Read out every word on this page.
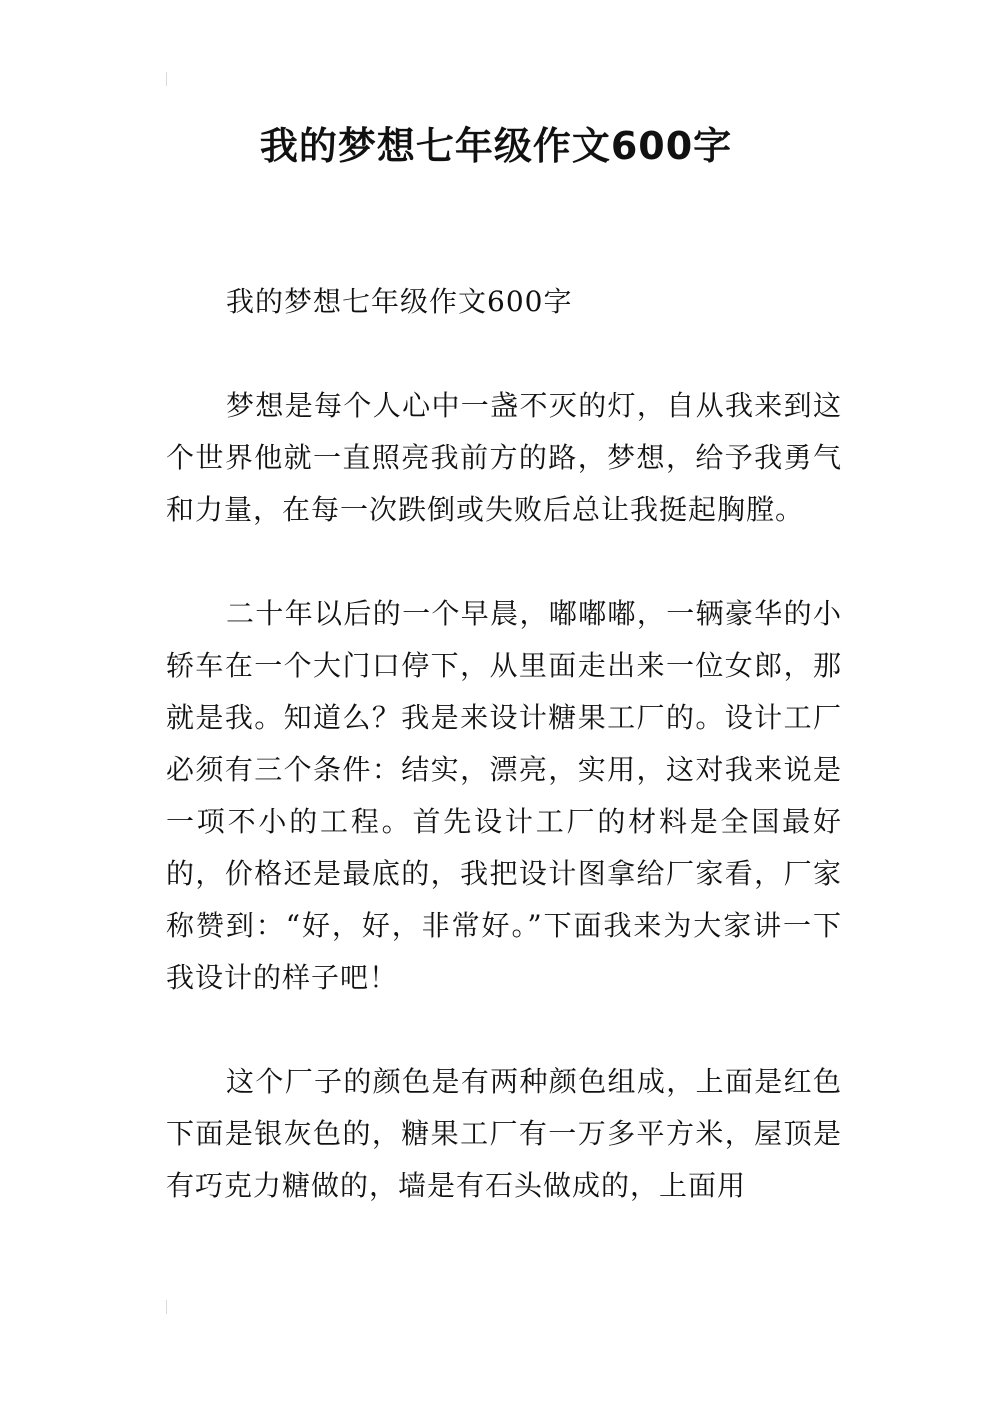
我的梦想七年级作文600字

我的梦想七年级作文600字

梦想是每个人心中一盏不灭的灯，自从我来到这个世界他就一直照亮我前方的路，梦想，给予我勇气和力量，在每一次跌倒或失败后总让我挺起胸膛。

二十年以后的一个早晨，嘟嘟嘟，一辆豪华的小轿车在一个大门口停下，从里面走出来一位女郎，那就是我。知道么？我是来设计糖果工厂的。设计工厂必须有三个条件：结实，漂亮，实用，这对我来说是一项不小的工程。首先设计工厂的材料是全国最好的，价格还是最底的，我把设计图拿给厂家看，厂家称赞到：“好，好，非常好。”下面我来为大家讲一下我设计的样子吧！

这个厂子的颜色是有两种颜色组成，上面是红色下面是银灰色的，糖果工厂有一万多平方米，屋顶是有巧克力糖做的，墙是有石头做成的，上面用
